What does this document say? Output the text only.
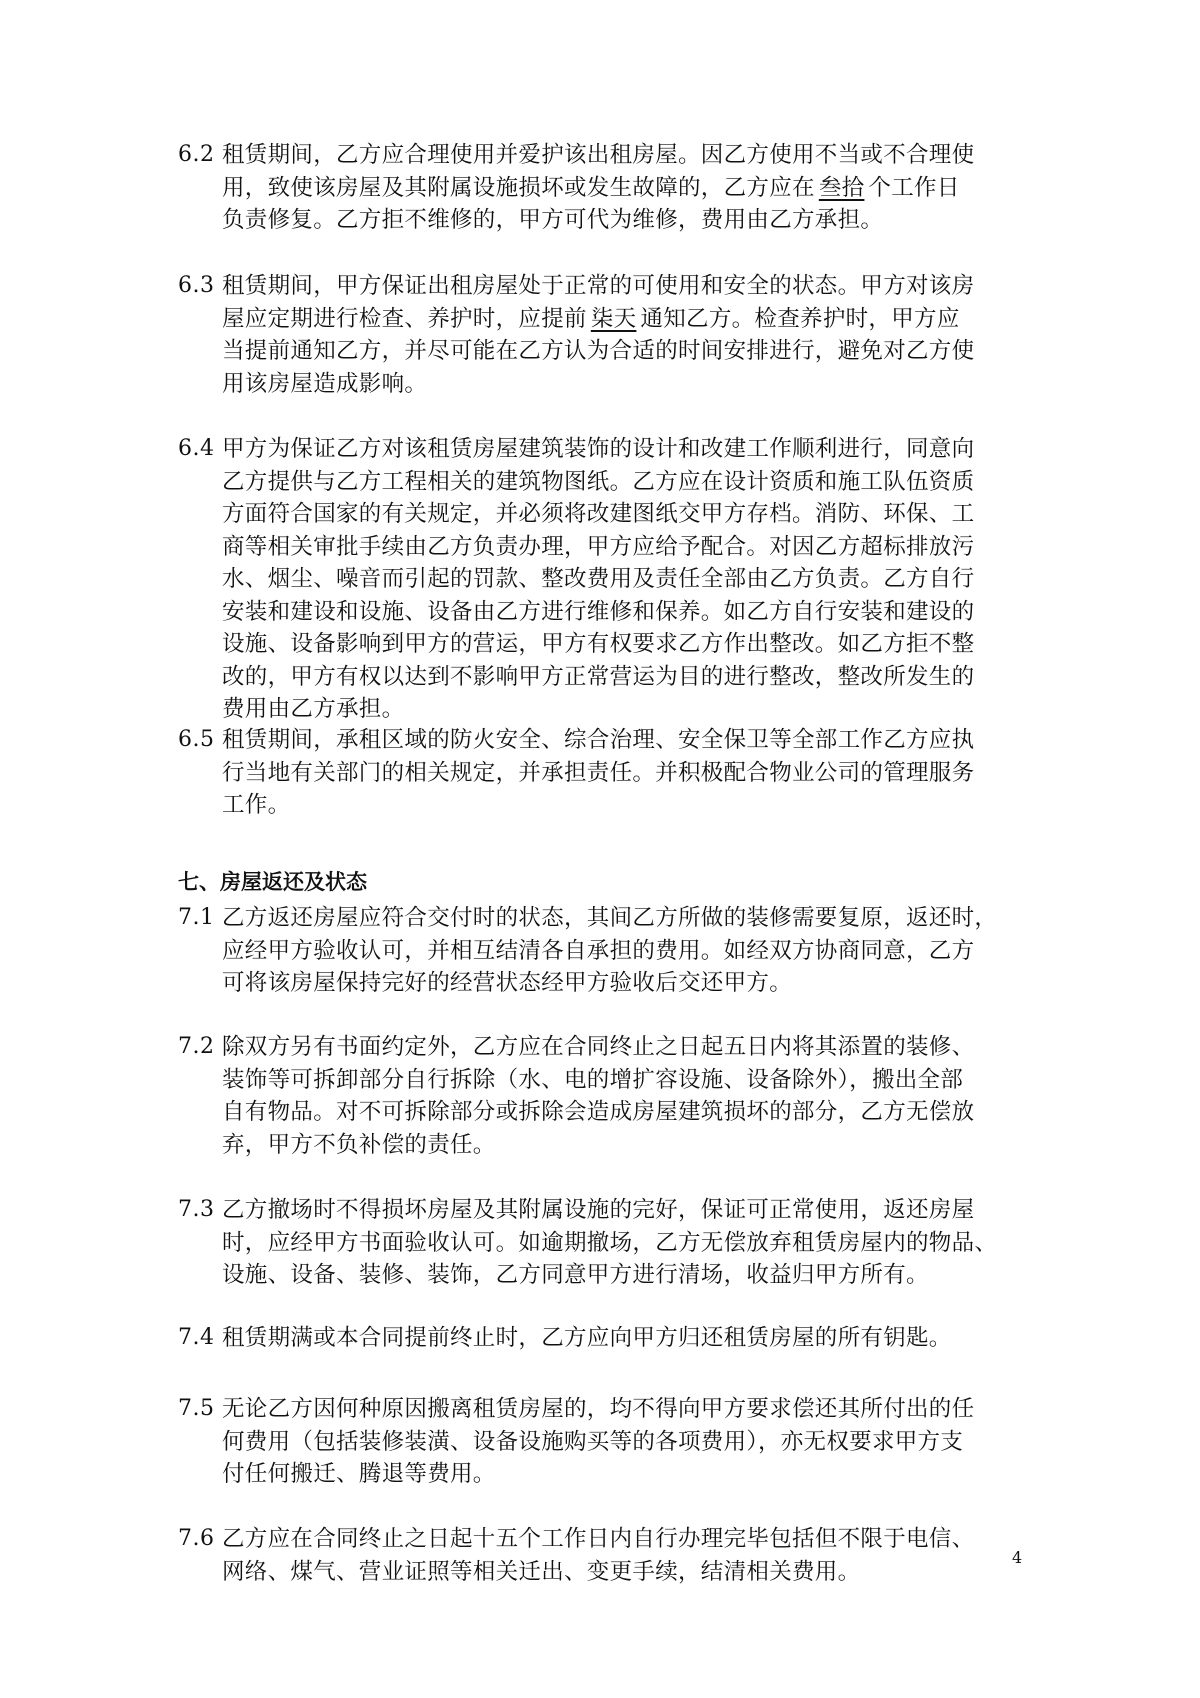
6.2 租赁期间，乙方应合理使用并爱护该出租房屋。因乙方使用不当或不合理使
用，致使该房屋及其附属设施损坏或发生故障的，乙方应在 叁拾 个工作日
负责修复。乙方拒不维修的，甲方可代为维修，费用由乙方承担。
6.3 租赁期间，甲方保证出租房屋处于正常的可使用和安全的状态。甲方对该房
屋应定期进行检查、养护时，应提前 柒天 通知乙方。检查养护时，甲方应
当提前通知乙方，并尽可能在乙方认为合适的时间安排进行，避免对乙方使
用该房屋造成影响。
6.4 甲方为保证乙方对该租赁房屋建筑装饰的设计和改建工作顺利进行，同意向
乙方提供与乙方工程相关的建筑物图纸。乙方应在设计资质和施工队伍资质
方面符合国家的有关规定，并必须将改建图纸交甲方存档。消防、环保、工
商等相关审批手续由乙方负责办理，甲方应给予配合。对因乙方超标排放污
水、烟尘、噪音而引起的罚款、整改费用及责任全部由乙方负责。乙方自行
安装和建设和设施、设备由乙方进行维修和保养。如乙方自行安装和建设的
设施、设备影响到甲方的营运，甲方有权要求乙方作出整改。如乙方拒不整
改的，甲方有权以达到不影响甲方正常营运为目的进行整改，整改所发生的
费用由乙方承担。
6.5 租赁期间，承租区域的防火安全、综合治理、安全保卫等全部工作乙方应执
行当地有关部门的相关规定，并承担责任。并积极配合物业公司的管理服务
工作。
7.1 乙方返还房屋应符合交付时的状态，其间乙方所做的装修需要复原，返还时，
应经甲方验收认可，并相互结清各自承担的费用。如经双方协商同意，乙方
可将该房屋保持完好的经营状态经甲方验收后交还甲方。
7.2 除双方另有书面约定外，乙方应在合同终止之日起五日内将其添置的装修、
装饰等可拆卸部分自行拆除（水、电的增扩容设施、设备除外），搬出全部
自有物品。对不可拆除部分或拆除会造成房屋建筑损坏的部分，乙方无偿放
弃，甲方不负补偿的责任。
7.3 乙方撤场时不得损坏房屋及其附属设施的完好，保证可正常使用，返还房屋
时，应经甲方书面验收认可。如逾期撤场，乙方无偿放弃租赁房屋内的物品、
设施、设备、装修、装饰，乙方同意甲方进行清场，收益归甲方所有。
7.4 租赁期满或本合同提前终止时，乙方应向甲方归还租赁房屋的所有钥匙。
7.5 无论乙方因何种原因搬离租赁房屋的，均不得向甲方要求偿还其所付出的任
何费用（包括装修装潢、设备设施购买等的各项费用），亦无权要求甲方支
付任何搬迁、腾退等费用。
7.6 乙方应在合同终止之日起十五个工作日内自行办理完毕包括但不限于电信、
网络、煤气、营业证照等相关迁出、变更手续，结清相关费用。
七、房屋返还及状态
4
